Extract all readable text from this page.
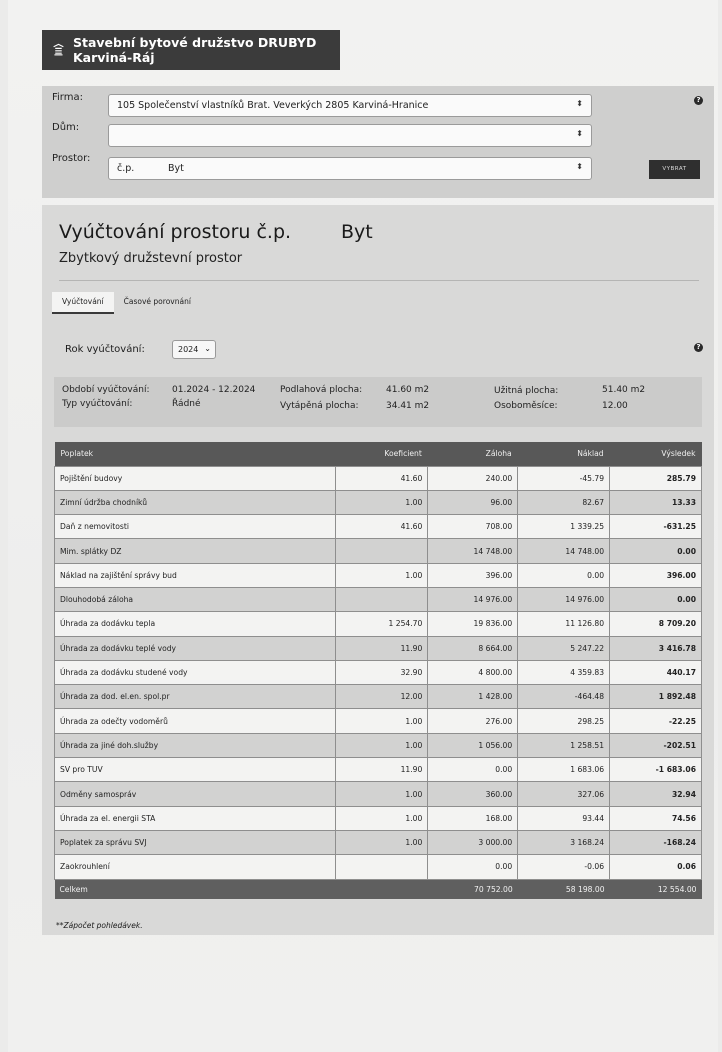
Stavební bytové družstvo DRUBYD Karviná-Ráj
Firma:
105 Společenství vlastníků Brat. Veverkých 2805 Karviná-Hranice	⬍	?
Dům:
⬍
Prostor:
č.p.	Byt	⬍	VYBRAT
Vyúčtování prostoru č.p.	Byt
Zbytkový družstevní prostor
Vyúčtování	Časové porovnání
Rok vyúčtování:	2024 ⌄	?
Období vyúčtování: 01.2024 - 12.2024
Typ vyúčtování:	Řádné
Podlahová plocha:	41.60 m2
Vytápěná plocha:	34.41 m2
Užitná plocha:	51.40 m2
Osoboměsíce:	12.00
Poplatek	Koeficient	Záloha	Náklad	Výsledek
Pojištění budovy	41.60	240.00	-45.79	285.79
Zimní údržba chodníků	1.00	96.00	82.67	13.33
Daň z nemovitosti	41.60	708.00	1 339.25	-631.25
Mim. splátky DZ		14 748.00	14 748.00	0.00
Náklad na zajištění správy bud	1.00	396.00	0.00	396.00
Dlouhodobá záloha		14 976.00	14 976.00	0.00
Úhrada za dodávku tepla	1 254.70	19 836.00	11 126.80	8 709.20
Úhrada za dodávku teplé vody	11.90	8 664.00	5 247.22	3 416.78
Úhrada za dodávku studené vody	32.90	4 800.00	4 359.83	440.17
Úhrada za dod. el.en. spol.pr	12.00	1 428.00	-464.48	1 892.48
Úhrada za odečty vodoměrů	1.00	276.00	298.25	-22.25
Úhrada za jiné doh.služby	1.00	1 056.00	1 258.51	-202.51
SV pro TUV	11.90	0.00	1 683.06	-1 683.06
Odměny samospráv	1.00	360.00	327.06	32.94
Úhrada za el. energii STA	1.00	168.00	93.44	74.56
Poplatek za správu SVJ	1.00	3 000.00	3 168.24	-168.24
Zaokrouhlení		0.00	-0.06	0.06
Celkem		70 752.00	58 198.00	12 554.00
**Zápočet pohledávek.
